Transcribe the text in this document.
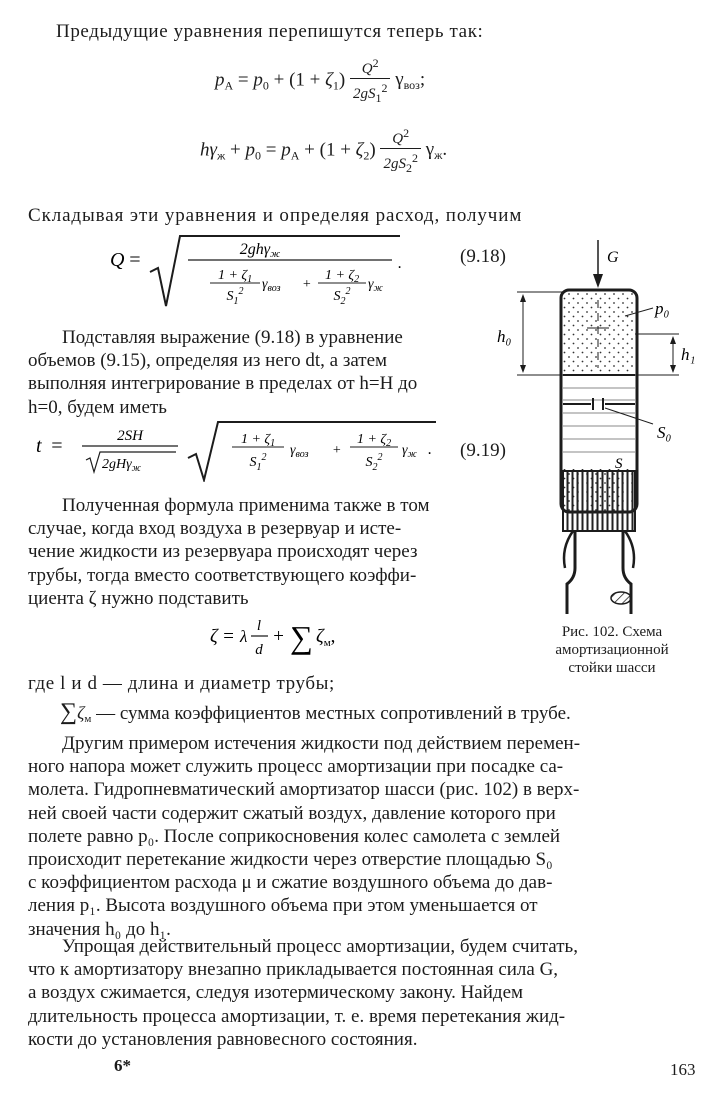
Предыдущие уравнения перепишутся теперь так:
$p_A = p_0 + (1 + \zeta_1) \frac{Q^2}{2gS_1^2} \gamma_{воз}$;
$h\gamma_ж + p_0 = p_A + (1 + \zeta_2) \frac{Q^2}{2gS_2^2} \gamma_ж$.
Складывая эти уравнения и определяя расход, получим
Q =	2ghγж
$1 + \zeta_1$
$S_1^2$ $\gamma_{воз}$ +
$1 + \zeta_2$
$S_2^2$ $\gamma_ж$
.	(9.18)
Подставляя выражение (9.18) в уравнение
объемов (9.15), определяя из него dt, а затем
выполняя интегрирование в пределах от h=H до
h=0, будем иметь
t =	2SH
2gHγ$_ж$
$1 + \zeta_1$
$S_1^2$ $\gamma_{воз}$ +
$1 + \zeta_2$
$S_2^2$ $\gamma_ж$ . (9.19)
Полученная формула применима также в том
случае, когда вход воздуха в резервуар и исте-
чение жидкости из резервуара происходят через
трубы, тогда вместо соответствующего коэффи-
циента ζ нужно подставить
ζ = λ
l
d
+ ∑ $\zeta_м$,
где l и d — длина и диаметр трубы;
∑ζм — сумма коэффициентов местных сопротивлений в трубе.
Другим примером истечения жидкости под действием перемен-
ного напора может служить процесс амортизации при посадке са-
молета. Гидропневматический амортизатор шасси (рис. 102) в верх-
ней своей части содержит сжатый воздух, давление которого при
полете равно p₀. После соприкосновения колес самолета с землей
происходит перетекание жидкости через отверстие площадью S₀
с коэффициентом расхода μ и сжатие воздушного объема до дав-
ления p₁. Высота воздушного объема при этом уменьшается от
значения h₀ до h₁.
Упрощая действительный процесс амортизации, будем считать,
что к амортизатору внезапно прикладывается постоянная сила G,
а воздух сжимается, следуя изотермическому закону. Найдем
длительность процесса амортизации, т. е. время перетекания жид-
кости до установления равновесного состояния.
G
p₀
h₀
h₁
S₀
S
Рис. 102. Схема
амортизационной
стойки шасси
6*	163
